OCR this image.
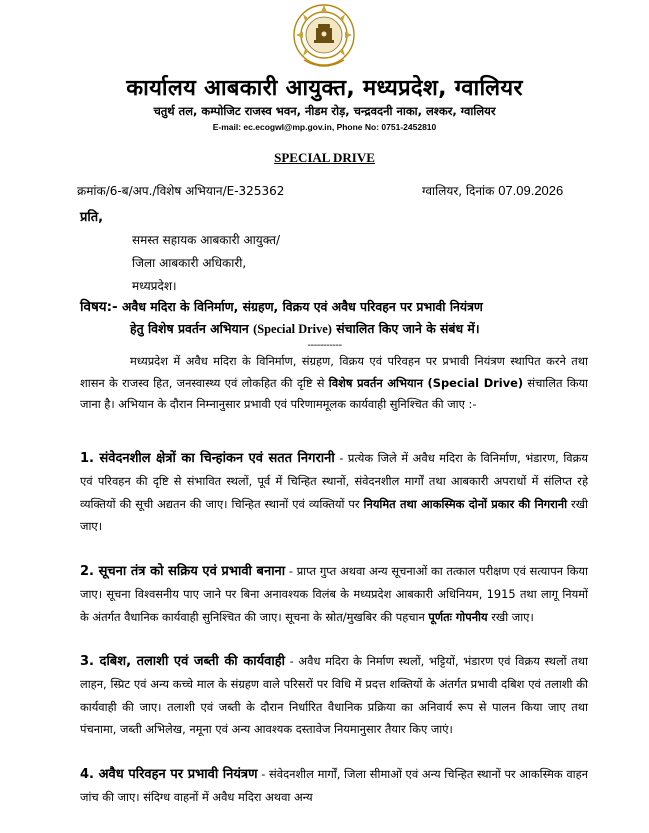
कार्यालय आबकारी आयुक्त, मध्यप्रदेश, ग्वालियर
चतुर्थ तल, कम्पोजिट राजस्व भवन, नीडम रोड़, चन्द्रवदनी नाका, लश्कर, ग्वालियर
E-mail: ec.ecogwl@mp.gov.in, Phone No: 0751-2452810
SPECIAL DRIVE
क्रमांक/6-ब/अप./विशेष अभियान/E-325362	ग्वालियर, दिनांक 07.09.2026
प्रति,
समस्त सहायक आबकारी आयुक्त/
जिला आबकारी अधिकारी,
मध्यप्रदेश।
विषय:- अवैध मदिरा के विनिर्माण, संग्रहण, विक्रय एवं अवैध परिवहन पर प्रभावी नियंत्रण
हेतु विशेष प्रवर्तन अभियान (Special Drive) संचालित किए जाने के संबंध में।
-----------
मध्यप्रदेश में अवैध मदिरा के विनिर्माण, संग्रहण, विक्रय एवं परिवहन पर प्रभावी नियंत्रण स्थापित करने तथा शासन के राजस्व हित, जनस्वास्थ्य एवं लोकहित की दृष्टि से विशेष प्रवर्तन अभियान (Special Drive) संचालित किया जाना है। अभियान के दौरान निम्नानुसार प्रभावी एवं परिणाममूलक कार्यवाही सुनिश्चित की जाए :-
1. संवेदनशील क्षेत्रों का चिन्हांकन एवं सतत निगरानी - प्रत्येक जिले में अवैध मदिरा के विनिर्माण, भंडारण, विक्रय एवं परिवहन की दृष्टि से संभावित स्थलों, पूर्व में चिन्हित स्थानों, संवेदनशील मार्गों तथा आबकारी अपराधों में संलिप्त रहे व्यक्तियों की सूची अद्यतन की जाए। चिन्हित स्थानों एवं व्यक्तियों पर नियमित तथा आकस्मिक दोनों प्रकार की निगरानी रखी जाए।
2. सूचना तंत्र को सक्रिय एवं प्रभावी बनाना - प्राप्त गुप्त अथवा अन्य सूचनाओं का तत्काल परीक्षण एवं सत्यापन किया जाए। सूचना विश्वसनीय पाए जाने पर बिना अनावश्यक विलंब के मध्यप्रदेश आबकारी अधिनियम, 1915 तथा लागू नियमों के अंतर्गत वैधानिक कार्यवाही सुनिश्चित की जाए। सूचना के स्रोत/मुखबिर की पहचान पूर्णतः गोपनीय रखी जाए।
3. दबिश, तलाशी एवं जब्ती की कार्यवाही - अवैध मदिरा के निर्माण स्थलों, भट्टियों, भंडारण एवं विक्रय स्थलों तथा लाहन, स्प्रिट एवं अन्य कच्चे माल के संग्रहण वाले परिसरों पर विधि में प्रदत्त शक्तियों के अंतर्गत प्रभावी दबिश एवं तलाशी की कार्यवाही की जाए। तलाशी एवं जब्ती के दौरान निर्धारित वैधानिक प्रक्रिया का अनिवार्य रूप से पालन किया जाए तथा पंचनामा, जब्ती अभिलेख, नमूना एवं अन्य आवश्यक दस्तावेज नियमानुसार तैयार किए जाएं।
4. अवैध परिवहन पर प्रभावी नियंत्रण - संवेदनशील मार्गों, जिला सीमाओं एवं अन्य चिन्हित स्थानों पर आकस्मिक वाहन जांच की जाए। संदिग्ध वाहनों में अवैध मदिरा अथवा अन्य
